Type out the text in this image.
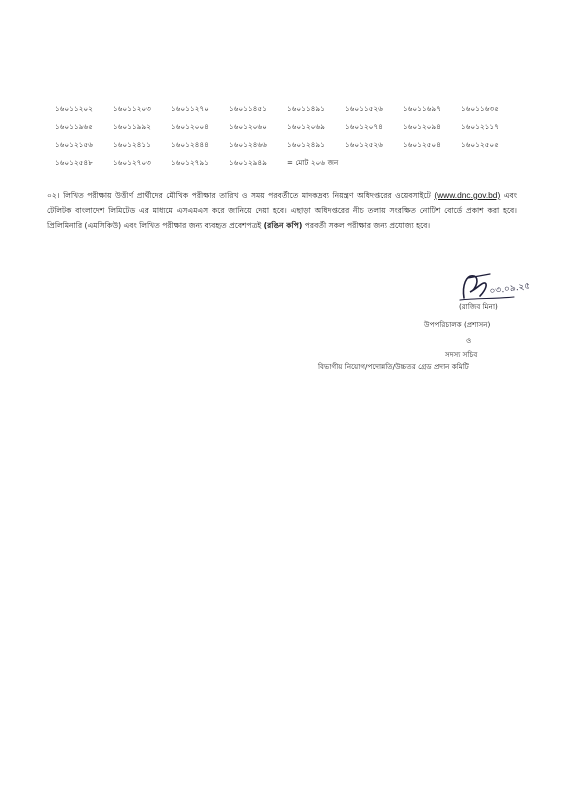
১৬০১১২০২	১৬০১১২০৩	১৬০১১২৭০	১৬০১১৪৫১	১৬০১১৪৯১	১৬০১১৫২৬	১৬০১১৬৯৭	১৬০১১৬৩৫
১৬০১১৯৬৫	১৬০১১৯৯২	১৬০১২০০৪	১৬০১২০৬০	১৬০১২০৬৯	১৬০১২০৭৪	১৬০১২০৯৪	১৬০১২১১৭
১৬০১২১৫৬	১৬০১২৪১১	১৬০১২৪৪৪	১৬০১২৪৬৬	১৬০১২৪৯১	১৬০১২৫২৬	১৬০১২৫০৪	১৬০১২৫০৫
১৬০১২৫৪৮	১৬০১২৭০৩	১৬০১২৭৯১	১৬০১২৯৪৯	= মোট ২০৬ জন			
০২। লিখিত পরীক্ষায় উত্তীর্ণ প্রার্থীদের মৌখিক পরীক্ষার তারিখ ও সময় পরবর্তীতে মাদকদ্রব্য নিয়ন্ত্রণ অধিদপ্তরের ওয়েবসাইটে (www.dnc.gov.bd) এবং টেলিটক বাংলাদেশ লিমিটেড এর মাধ্যমে এসএমএস করে জানিয়ে দেয়া হবে। এছাড়া অধিদপ্তরের নীচ তলায় সংরক্ষিত নোটিশ বোর্ডে প্রকাশ করা হবে। প্রিলিমিনারি (এমসিকিউ) এবং লিখিত পরীক্ষার জন্য ব্যবহৃত প্রবেশপত্রই (রঙিন কপি) পরবর্তী সকল পরীক্ষার জন্য প্রযোজ্য হবে।
০৩.০৯.২৫
(রাজিব মিনা)
উপপরিচালক (প্রশাসন)
ও
সদস্য সচিব
বিভাগীয় নিয়োগ/পদোন্নতি/উচ্চতর গ্রেড প্রদান কমিটি
